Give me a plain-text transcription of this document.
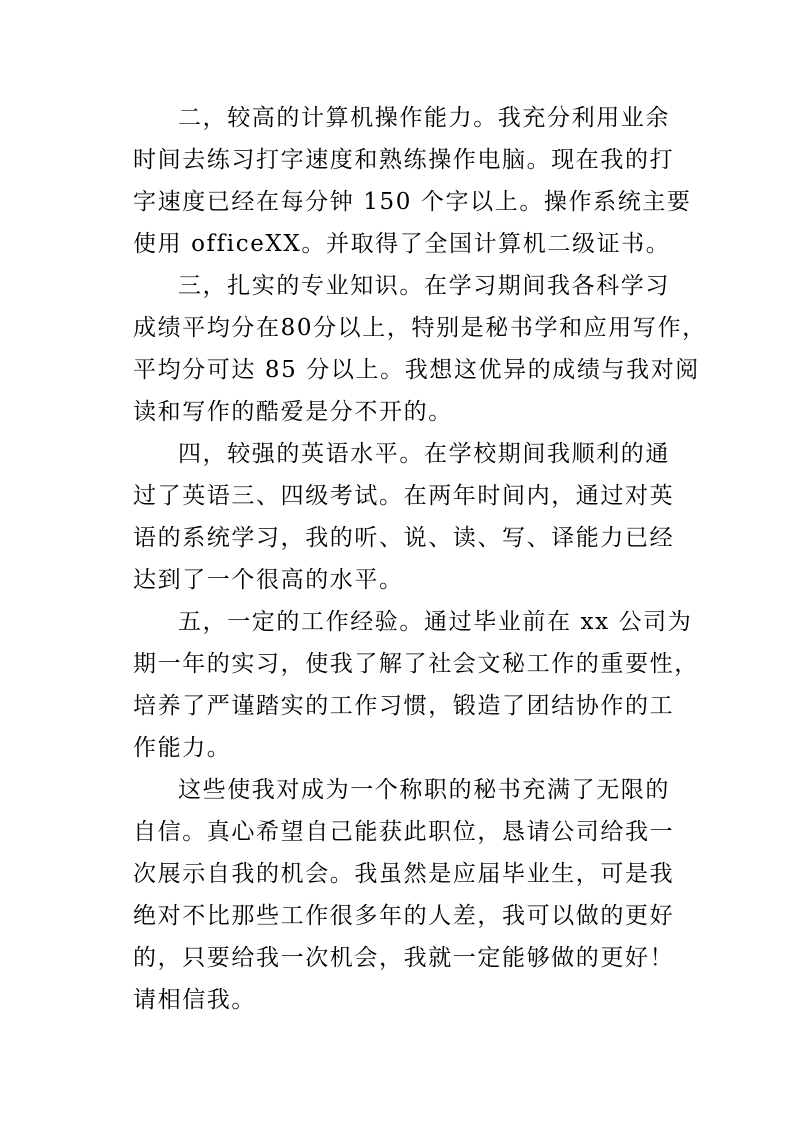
二，较高的计算机操作能力。我充分利用业余
时间去练习打字速度和熟练操作电脑。现在我的打
字速度已经在每分钟 150 个字以上。操作系统主要
使用 officeXX。并取得了全国计算机二级证书。
三，扎实的专业知识。在学习期间我各科学习
成绩平均分在80分以上，特别是秘书学和应用写作，
平均分可达 85 分以上。我想这优异的成绩与我对阅
读和写作的酷爱是分不开的。
四，较强的英语水平。在学校期间我顺利的通
过了英语三、四级考试。在两年时间内，通过对英
语的系统学习，我的听、说、读、写、译能力已经
达到了一个很高的水平。
五，一定的工作经验。通过毕业前在 xx 公司为
期一年的实习，使我了解了社会文秘工作的重要性，
培养了严谨踏实的工作习惯，锻造了团结协作的工
作能力。
这些使我对成为一个称职的秘书充满了无限的
自信。真心希望自己能获此职位，恳请公司给我一
次展示自我的机会。我虽然是应届毕业生，可是我
绝对不比那些工作很多年的人差，我可以做的更好
的，只要给我一次机会，我就一定能够做的更好！
请相信我。
